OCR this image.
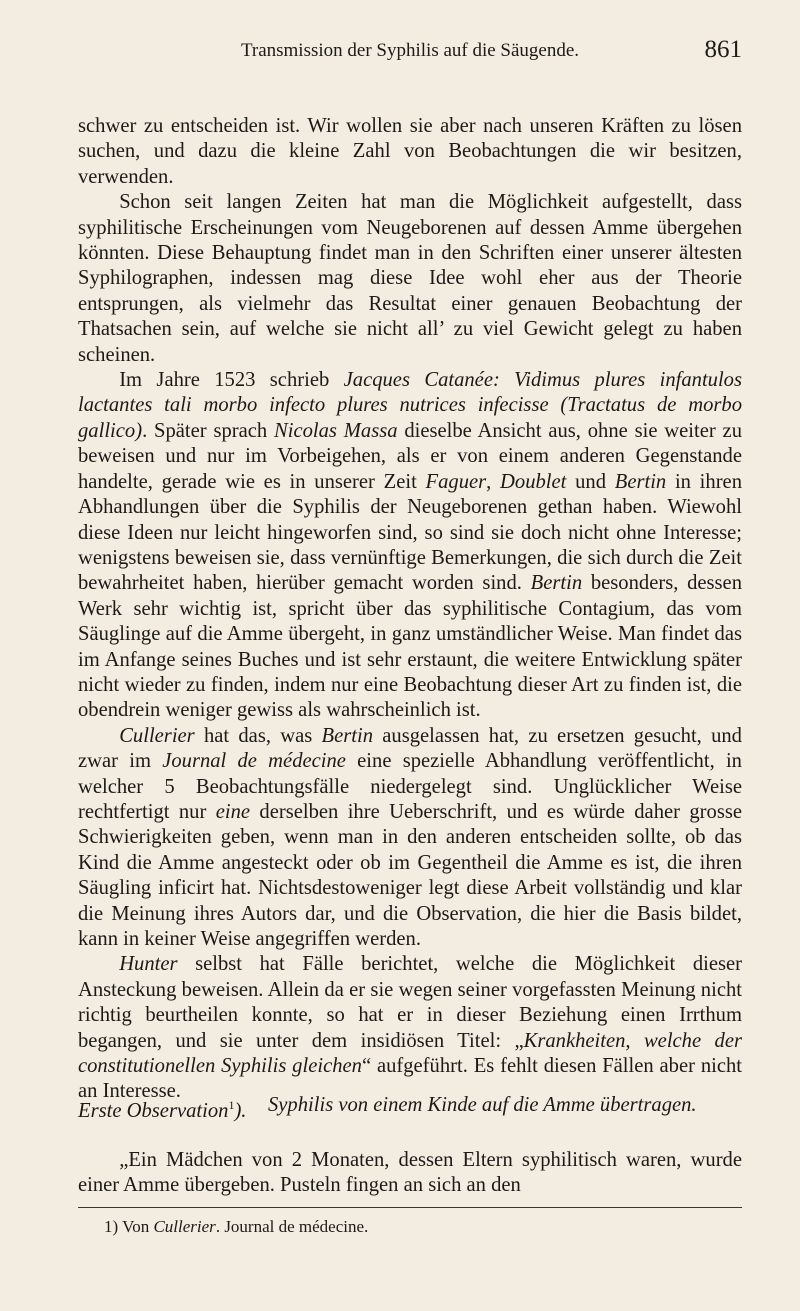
Transmission der Syphilis auf die Säugende.	861

schwer zu entscheiden ist. Wir wollen sie aber nach unseren Kräften zu lösen suchen, und dazu die kleine Zahl von Beobachtungen die wir besitzen, verwenden.

Schon seit langen Zeiten hat man die Möglichkeit aufgestellt, dass syphilitische Erscheinungen vom Neugeborenen auf dessen Amme übergehen könnten. Diese Behauptung findet man in den Schriften einer unserer ältesten Syphilographen, indessen mag diese Idee wohl eher aus der Theorie entsprungen, als vielmehr das Resultat einer genauen Beobachtung der Thatsachen sein, auf welche sie nicht all’ zu viel Gewicht gelegt zu haben scheinen.

Im Jahre 1523 schrieb Jacques Catanée: Vidimus plures infantulos lactantes tali morbo infecto plures nutrices infecisse (Tractatus de morbo gallico). Später sprach Nicolas Massa dieselbe Ansicht aus, ohne sie weiter zu beweisen und nur im Vorbeigehen, als er von einem anderen Gegenstande handelte, gerade wie es in unserer Zeit Faguer, Doublet und Bertin in ihren Abhandlungen über die Syphilis der Neugeborenen gethan haben. Wiewohl diese Ideen nur leicht hingeworfen sind, so sind sie doch nicht ohne Interesse; wenigstens beweisen sie, dass vernünftige Bemerkungen, die sich durch die Zeit bewahrheitet haben, hierüber gemacht worden sind. Bertin besonders, dessen Werk sehr wichtig ist, spricht über das syphilitische Contagium, das vom Säuglinge auf die Amme übergeht, in ganz umständlicher Weise. Man findet das im Anfange seines Buches und ist sehr erstaunt, die weitere Entwicklung später nicht wieder zu finden, indem nur eine Beobachtung dieser Art zu finden ist, die obendrein weniger gewiss als wahrscheinlich ist.

Cullerier hat das, was Bertin ausgelassen hat, zu ersetzen gesucht, und zwar im Journal de médecine eine spezielle Abhandlung veröffentlicht, in welcher 5 Beobachtungsfälle niedergelegt sind. Unglücklicher Weise rechtfertigt nur eine derselben ihre Ueberschrift, und es würde daher grosse Schwierigkeiten geben, wenn man in den anderen entscheiden sollte, ob das Kind die Amme angesteckt oder ob im Gegentheil die Amme es ist, die ihren Säugling inficirt hat. Nichtsdestoweniger legt diese Arbeit vollständig und klar die Meinung ihres Autors dar, und die Observation, die hier die Basis bildet, kann in keiner Weise angegriffen werden.

Hunter selbst hat Fälle berichtet, welche die Möglichkeit dieser Ansteckung beweisen. Allein da er sie wegen seiner vorgefassten Meinung nicht richtig beurtheilen konnte, so hat er in dieser Beziehung einen Irrthum begangen, und sie unter dem insidiösen Titel: „Krankheiten, welche der constitutionellen Syphilis gleichen“ aufgeführt. Es fehlt diesen Fällen aber nicht an Interesse.

Erste Observation$^1$). Syphilis von einem Kinde auf die Amme übertragen.
„Ein Mädchen von 2 Monaten, dessen Eltern syphilitisch waren, wurde einer Amme übergeben. Pusteln fingen an sich an den
1) Von Cullerier. Journal de médecine.
